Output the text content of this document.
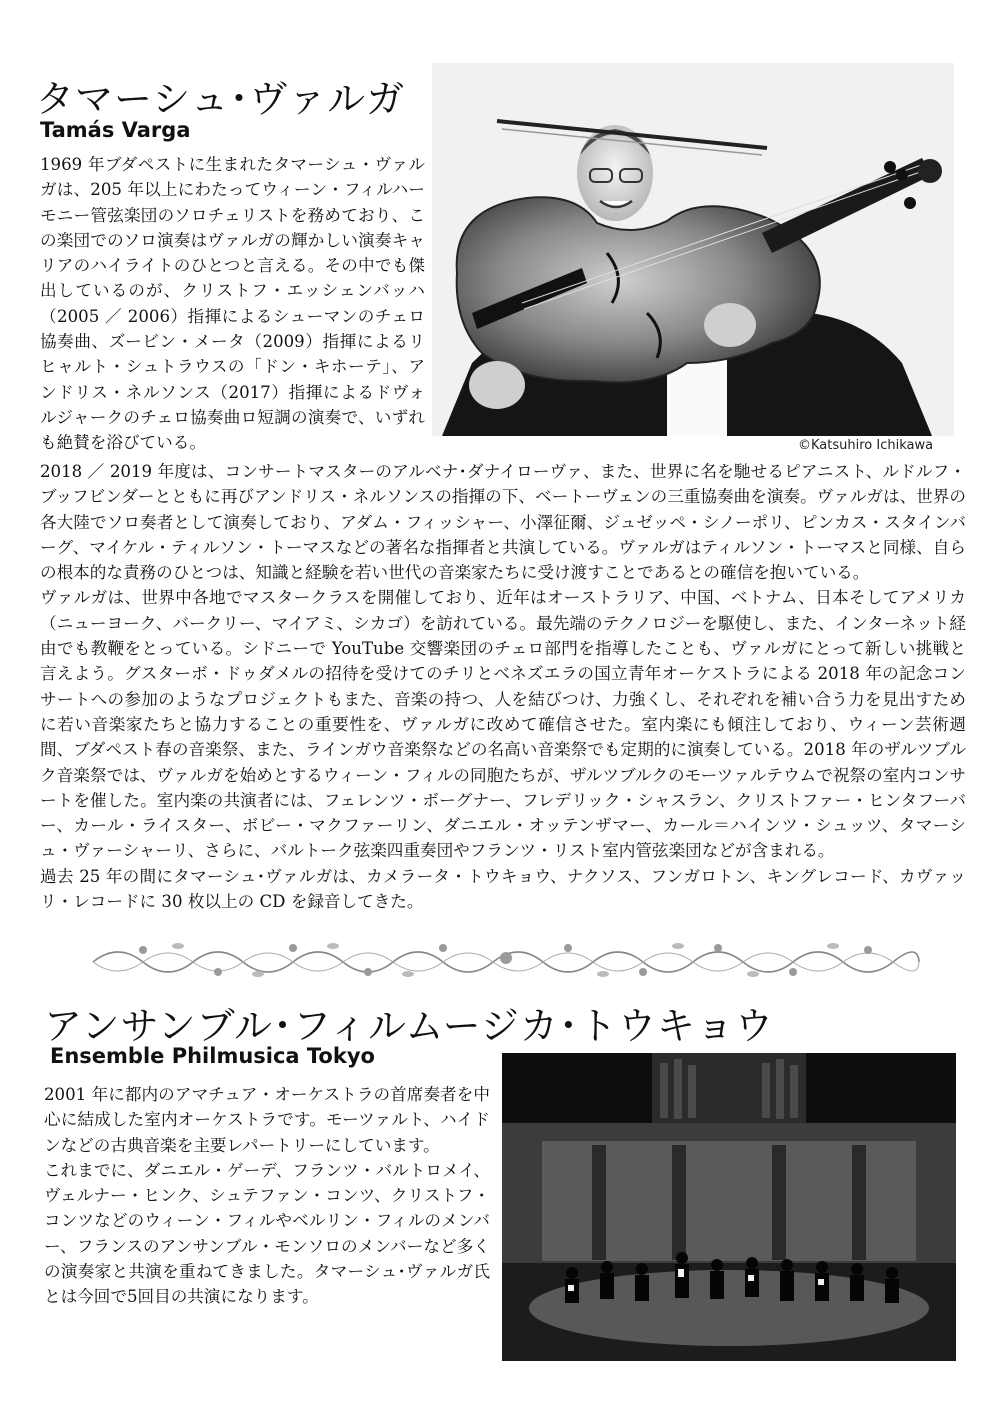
タマーシュ･ヴァルガ
Tamás Varga

1969 年ブダペストに生まれたタマーシュ・ヴァルガは、205 年以上にわたってウィーン・フィルハーモニー管弦楽団のソロチェリストを務めており、この楽団でのソロ演奏はヴァルガの輝かしい演奏キャリアのハイライトのひとつと言える。その中でも傑出しているのが、クリストフ・エッシェンバッハ（2005 ／ 2006）指揮によるシューマンのチェロ協奏曲、ズービン・メータ（2009）指揮によるリヒャルト・シュトラウスの「ドン・キホーテ」、アンドリス・ネルソンス（2017）指揮によるドヴォルジャークのチェロ協奏曲ロ短調の演奏で、いずれも絶賛を浴びている。	©Katsuhiro Ichikawa

2018 ／ 2019 年度は、コンサートマスターのアルベナ･ダナイローヴァ、また、世界に名を馳せるピアニスト、ルドルフ・ブッフビンダーとともに再びアンドリス・ネルソンスの指揮の下、ベートーヴェンの三重協奏曲を演奏。ヴァルガは、世界の各大陸でソロ奏者として演奏しており、アダム・フィッシャー、小澤征爾、ジュゼッペ・シノーポリ、ピンカス・スタインバーグ、マイケル・ティルソン・トーマスなどの著名な指揮者と共演している。ヴァルガはティルソン・トーマスと同様、自らの根本的な責務のひとつは、知識と経験を若い世代の音楽家たちに受け渡すことであるとの確信を抱いている。

ヴァルガは、世界中各地でマスタークラスを開催しており、近年はオーストラリア、中国、ベトナム、日本そしてアメリカ（ニューヨーク、バークリー、マイアミ、シカゴ）を訪れている。最先端のテクノロジーを駆使し、また、インターネット経由でも教鞭をとっている。シドニーで YouTube 交響楽団のチェロ部門を指導したことも、ヴァルガにとって新しい挑戦と言えよう。グスターボ・ドゥダメルの招待を受けてのチリとベネズエラの国立青年オーケストラによる 2018 年の記念コンサートへの参加のようなプロジェクトもまた、音楽の持つ、人を結びつけ、力強くし、それぞれを補い合う力を見出すために若い音楽家たちと協力することの重要性を、ヴァルガに改めて確信させた。室内楽にも傾注しており、ウィーン芸術週間、ブダペスト春の音楽祭、また、ラインガウ音楽祭などの名高い音楽祭でも定期的に演奏している。2018 年のザルツブルク音楽祭では、ヴァルガを始めとするウィーン・フィルの同胞たちが、ザルツブルクのモーツァルテウムで祝祭の室内コンサートを催した。室内楽の共演者には、フェレンツ・ボーグナー、フレデリック・シャスラン、クリストファー・ヒンタフーバー、カール・ライスター、ボビー・マクファーリン、ダニエル・オッテンザマー、カール＝ハインツ・シュッツ、タマーシュ・ヴァーシャーリ、さらに、バルトーク弦楽四重奏団やフランツ・リスト室内管弦楽団などが含まれる。

過去 25 年の間にタマーシュ･ヴァルガは、カメラータ・トウキョウ、ナクソス、フンガロトン、キングレコード、カヴァッリ・レコードに 30 枚以上の CD を録音してきた。

アンサンブル･フィルムージカ･トウキョウ
Ensemble Philmusica Tokyo

2001 年に都内のアマチュア・オーケストラの首席奏者を中心に結成した室内オーケストラです。モーツァルト、ハイドンなどの古典音楽を主要レパートリーにしています。

これまでに、ダニエル・ゲーデ、フランツ・バルトロメイ、ヴェルナー・ヒンク、シュテファン・コンツ、クリストフ・コンツなどのウィーン・フィルやベルリン・フィルのメンバー、フランスのアンサンブル・モンソロのメンバーなど多くの演奏家と共演を重ねてきました。タマーシュ･ヴァルガ氏とは今回で5回目の共演になります。
